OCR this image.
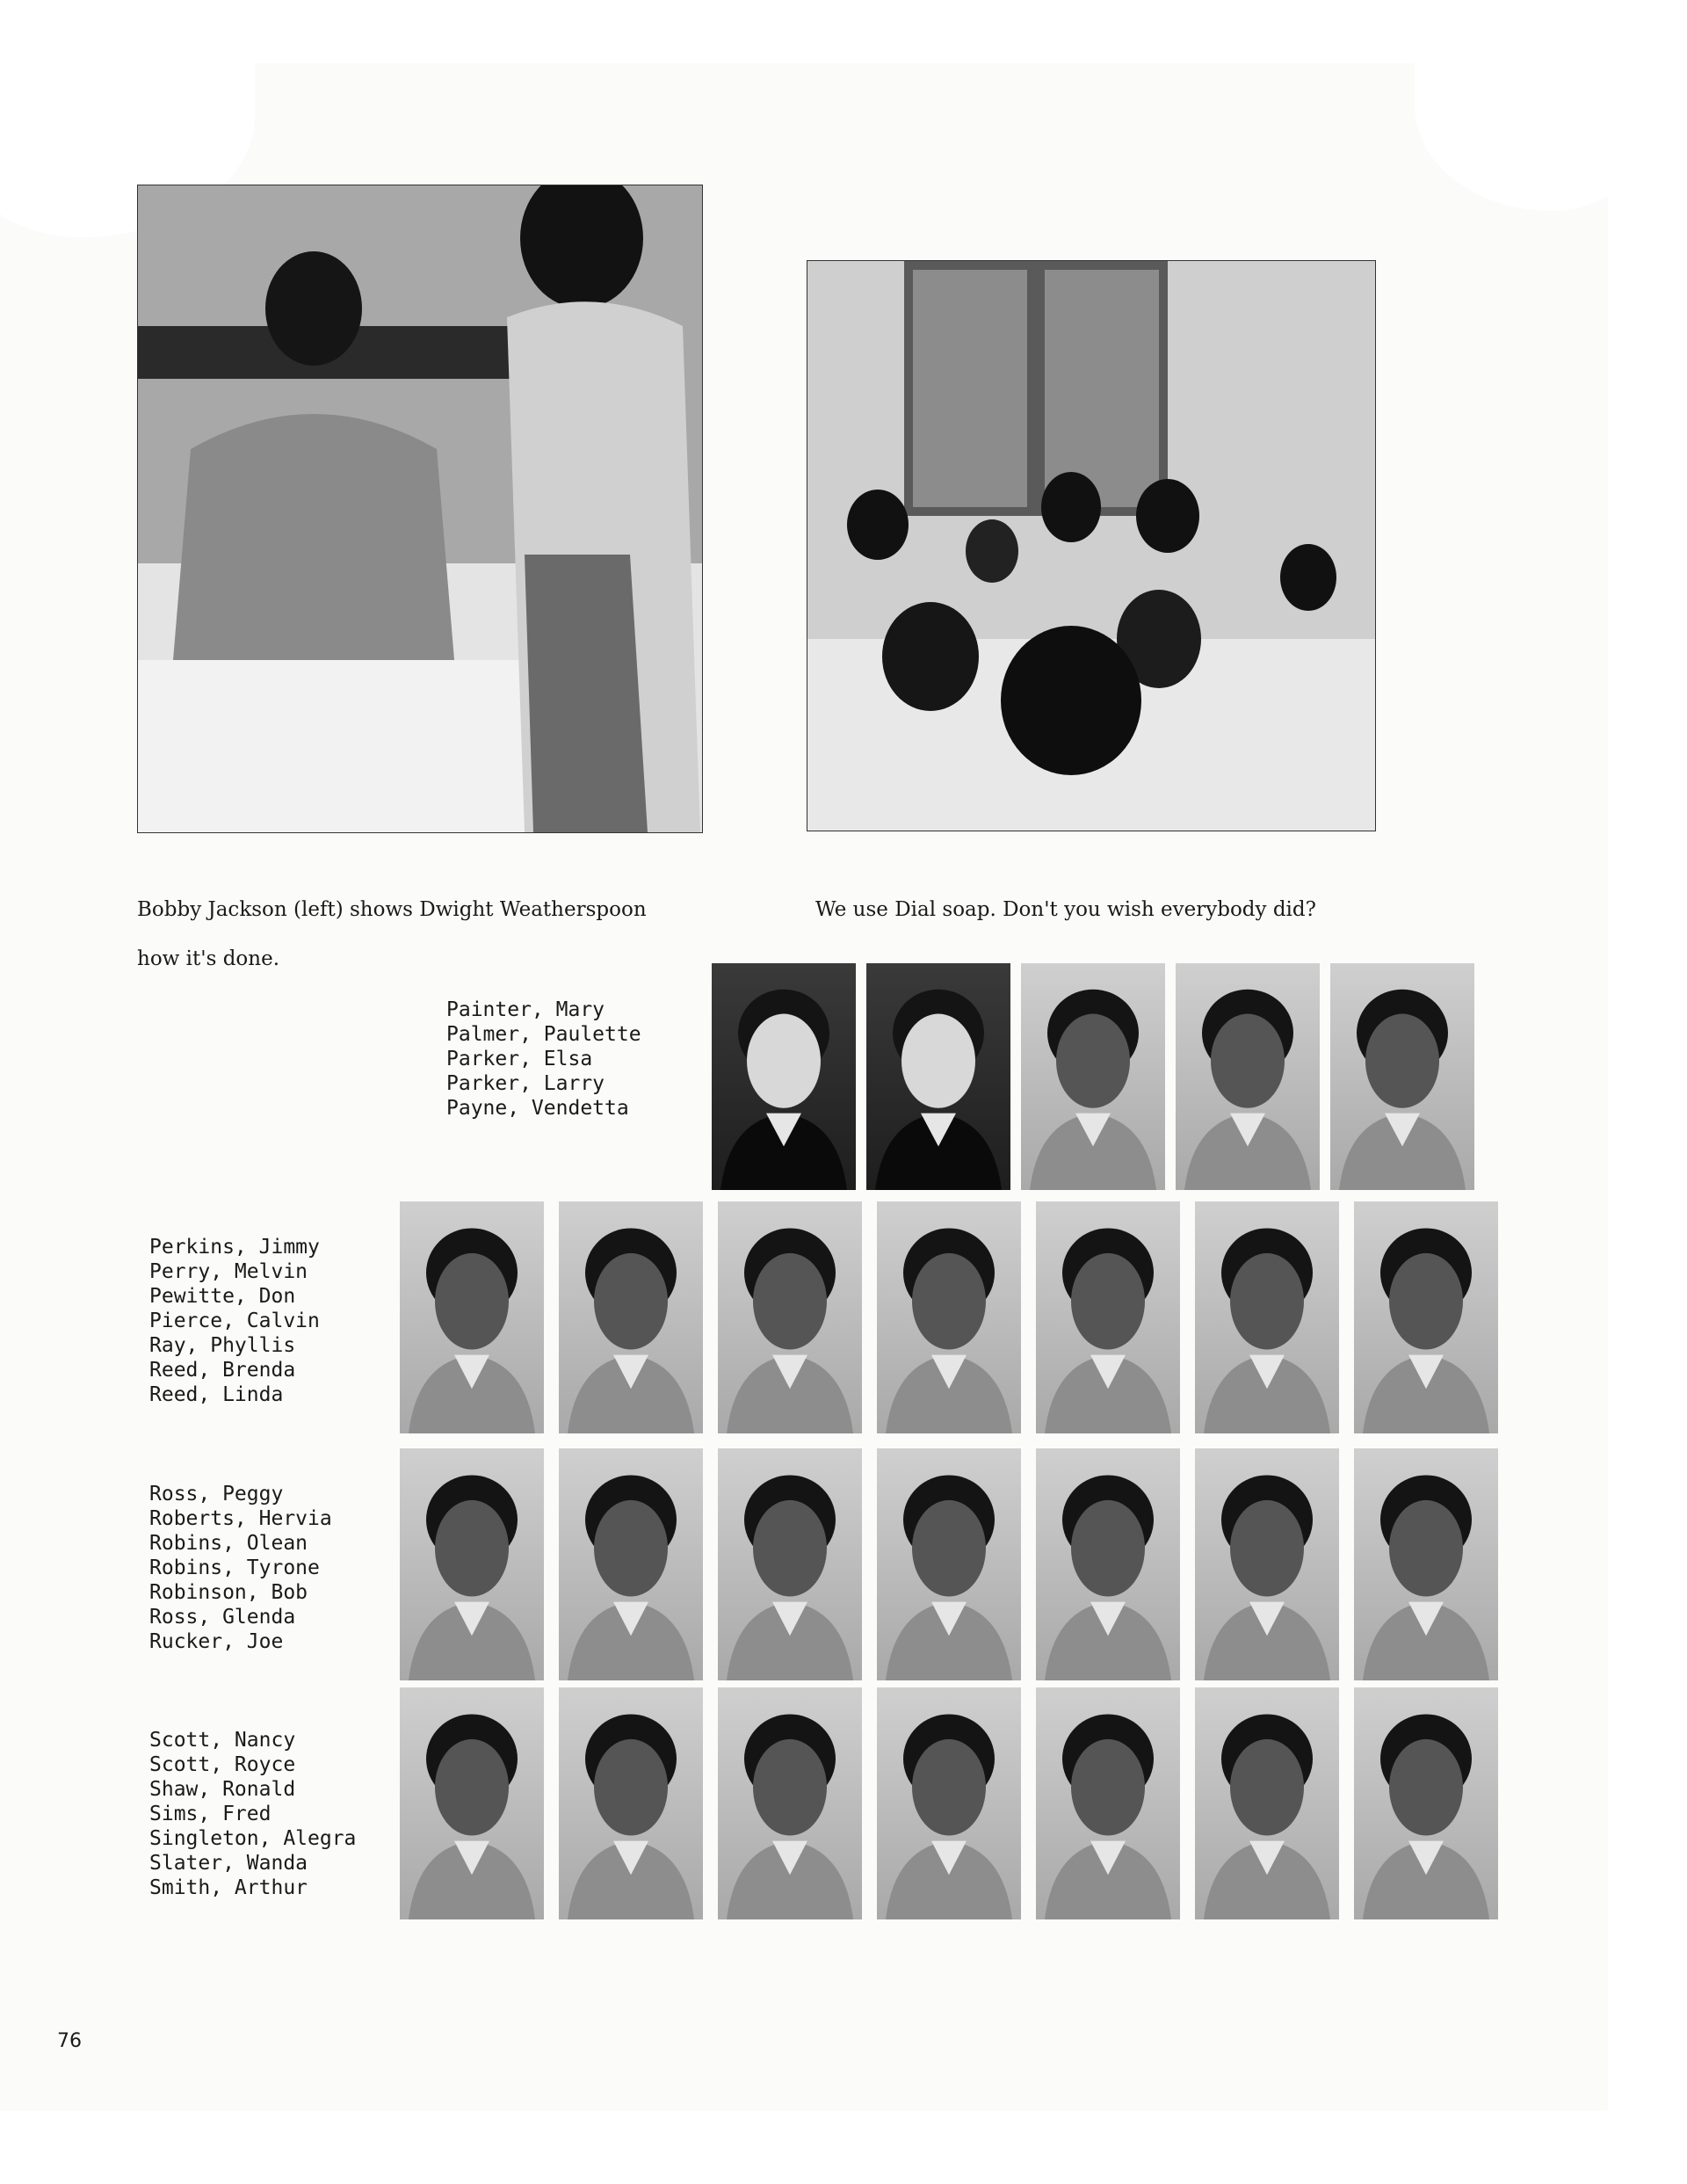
Bobby Jackson (left) shows Dwight Weatherspoon

how it's done.

We use Dial soap. Don't you wish everybody did?

Painter, Mary
Palmer, Paulette
Parker, Elsa
Parker, Larry
Payne, Vendetta
Perkins, Jimmy
Perry, Melvin
Pewitte, Don
Pierce, Calvin
Ray, Phyllis
Reed, Brenda
Reed, Linda
Ross, Peggy
Roberts, Hervia
Robins, Olean
Robins, Tyrone
Robinson, Bob
Ross, Glenda
Rucker, Joe
Scott, Nancy
Scott, Royce
Shaw, Ronald
Sims, Fred
Singleton, Alegra
Slater, Wanda
Smith, Arthur
76
